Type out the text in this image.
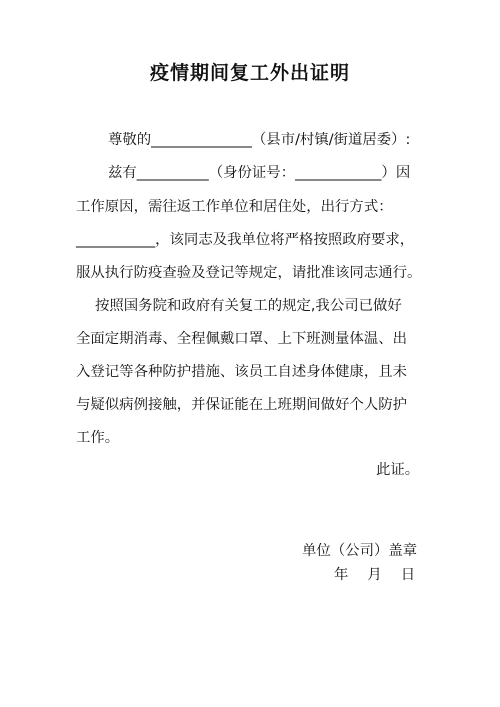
疫情期间复工外出证明
尊敬的______________（县市/村镇/街道居委）:
兹有__________（身份证号：____________）因
工作原因，需往返工作单位和居住处，出行方式：
___________，该同志及我单位将严格按照政府要求，
服从执行防疫查验及登记等规定，请批准该同志通行。
按照国务院和政府有关复工的规定,我公司已做好
全面定期消毒、全程佩戴口罩、上下班测量体温、出
入登记等各种防护措施、该员工自述身体健康，且未
与疑似病例接触，并保证能在上班期间做好个人防护
工作。
此证。
单位（公司）盖章
年　 月　 日
